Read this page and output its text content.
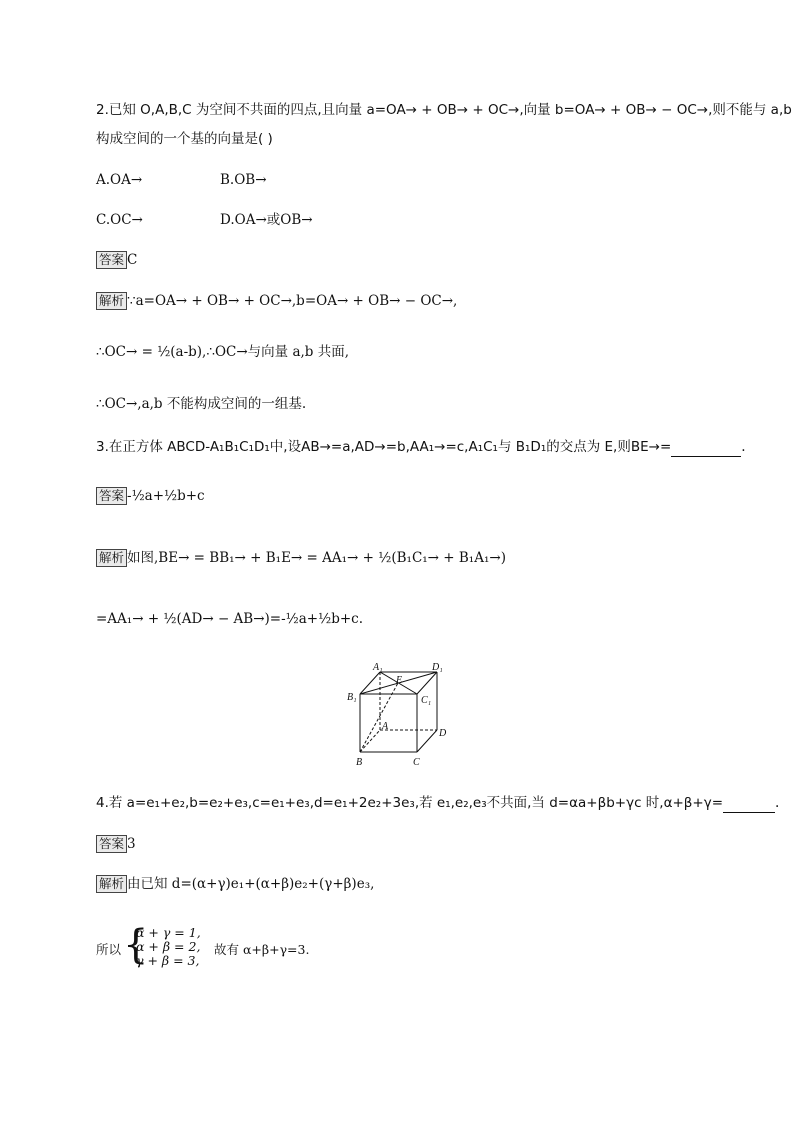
2.已知 O,A,B,C 为空间不共面的四点,且向量 a=OA→ + OB→ + OC→,向量 b=OA→ + OB→ − OC→,则不能与 a,b
构成空间的一个基的向量是( )
A.OA→	B.OB→
C.OC→	D.OA→或OB→
答案 C
解析 ∵a=OA→ + OB→ + OC→,b=OA→ + OB→ − OC→,
∴OC→ = ½(a-b),∴OC→与向量 a,b 共面,
∴OC→,a,b 不能构成空间的一组基.
3.在正方体 ABCD-A₁B₁C₁D₁中,设AB→=a,AD→=b,AA₁→=c,A₁C₁与 B₁D₁的交点为 E,则BE→=	.
答案 -½a+½b+c
解析 如图,BE→ = BB₁→ + B₁E→ = AA₁→ + ½(B₁C₁→ + B₁A₁→)
=AA₁→ + ½(AD→ − AB→)=-½a+½b+c.
A₁	D₁
B₁	C₁
E
A
D
B	C
4.若 a=e₁+e₂,b=e₂+e₃,c=e₁+e₃,d=e₁+2e₂+3e₃,若 e₁,e₂,e₃不共面,当 d=αa+βb+γc 时,α+β+γ=	.
答案 3
解析 由已知 d=(α+γ)e₁+(α+β)e₂+(γ+β)e₃,
所以 {
α + γ = 1,
α + β = 2,
γ + β = 3,
故有 α+β+γ=3.
